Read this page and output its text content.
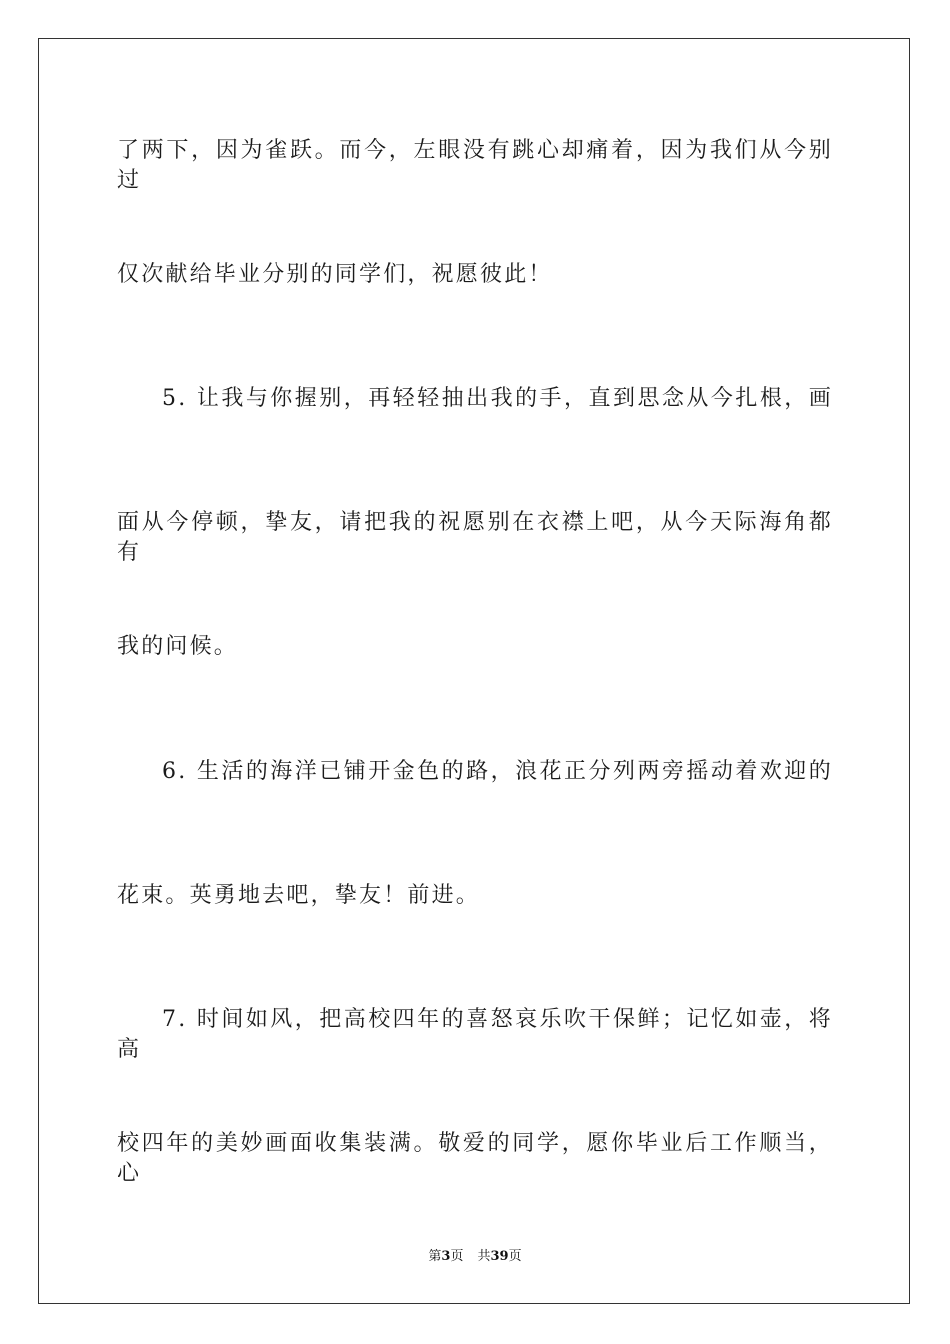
了两下，因为雀跃。而今，左眼没有跳心却痛着，因为我们从今别过

仅次献给毕业分别的同学们，祝愿彼此！

5. 让我与你握别，再轻轻抽出我的手，直到思念从今扎根，画

面从今停顿，挚友，请把我的祝愿别在衣襟上吧，从今天际海角都有

我的问候。

6. 生活的海洋已铺开金色的路，浪花正分列两旁摇动着欢迎的

花束。英勇地去吧，挚友！前进。

7. 时间如风，把高校四年的喜怒哀乐吹干保鲜；记忆如壶，将高

校四年的美妙画面收集装满。敬爱的同学，愿你毕业后工作顺当，心

第3页 共39页
